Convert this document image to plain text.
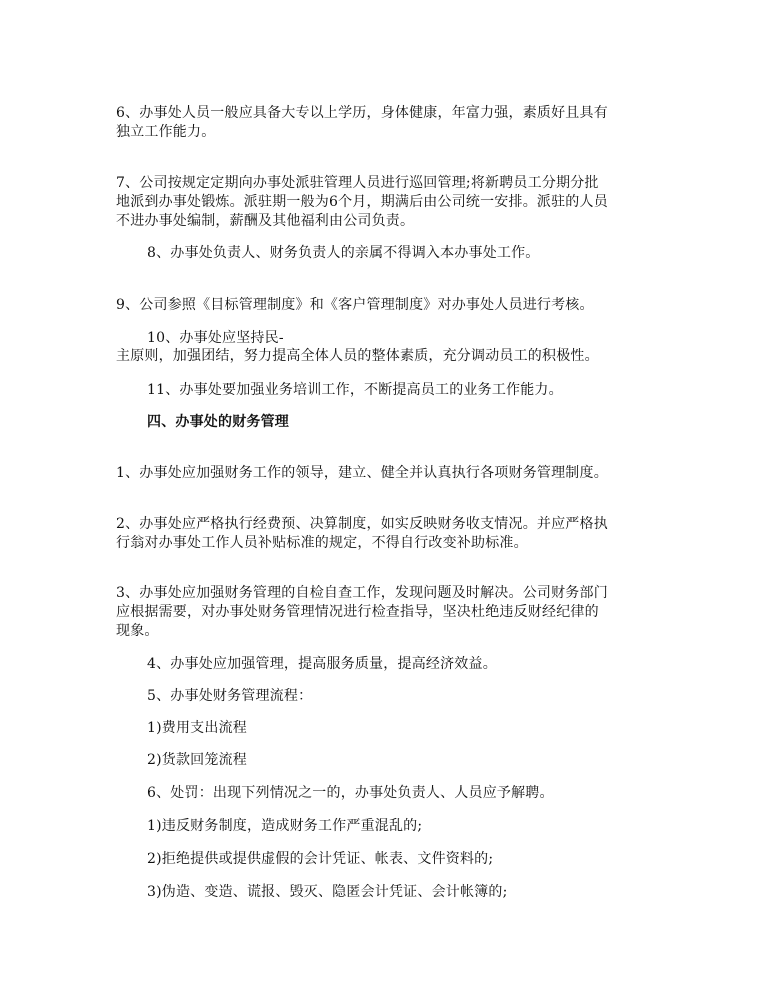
6、办事处人员一般应具备大专以上学历，身体健康，年富力强，素质好且具有
独立工作能力。
7、公司按规定定期向办事处派驻管理人员进行巡回管理;将新聘员工分期分批
地派到办事处锻炼。派驻期一般为6个月，期满后由公司统一安排。派驻的人员
不进办事处编制，薪酬及其他福利由公司负责。
8、办事处负责人、财务负责人的亲属不得调入本办事处工作。
9、公司参照《目标管理制度》和《客户管理制度》对办事处人员进行考核。
10、办事处应坚持民-
主原则，加强团结，努力提高全体人员的整体素质，充分调动员工的积极性。
11、办事处要加强业务培训工作，不断提高员工的业务工作能力。
四、办事处的财务管理
1、办事处应加强财务工作的领导，建立、健全并认真执行各项财务管理制度。
2、办事处应严格执行经费预、决算制度，如实反映财务收支情况。并应严格执
行翁对办事处工作人员补贴标准的规定，不得自行改变补助标准。
3、办事处应加强财务管理的自检自查工作，发现问题及时解决。公司财务部门
应根据需要，对办事处财务管理情况进行检查指导，坚决杜绝违反财经纪律的
现象。
4、办事处应加强管理，提高服务质量，提高经济效益。
5、办事处财务管理流程：
1)费用支出流程
2)货款回笼流程
6、处罚：出现下列情况之一的，办事处负责人、人员应予解聘。
1)违反财务制度，造成财务工作严重混乱的;
2)拒绝提供或提供虚假的会计凭证、帐表、文件资料的;
3)伪造、变造、谎报、毁灭、隐匿会计凭证、会计帐簿的;
